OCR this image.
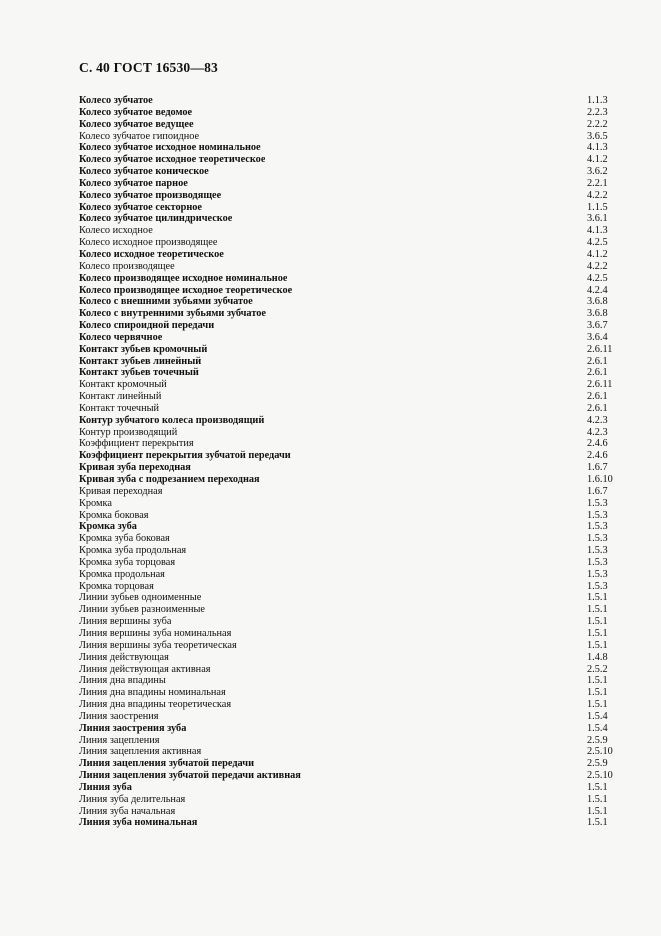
С. 40 ГОСТ 16530—83
Колесо зубчатое	1.1.3
Колесо зубчатое ведомое	2.2.3
Колесо зубчатое ведущее	2.2.2
Колесо зубчатое гипоидное	3.6.5
Колесо зубчатое исходное номинальное	4.1.3
Колесо зубчатое исходное теоретическое	4.1.2
Колесо зубчатое коническое	3.6.2
Колесо зубчатое парное	2.2.1
Колесо зубчатое производящее	4.2.2
Колесо зубчатое секторное	1.1.5
Колесо зубчатое цилиндрическое	3.6.1
Колесо исходное	4.1.3
Колесо исходное производящее	4.2.5
Колесо исходное теоретическое	4.1.2
Колесо производящее	4.2.2
Колесо производящее исходное номинальное	4.2.5
Колесо производящее исходное теоретическое	4.2.4
Колесо с внешними зубьями зубчатое	3.6.8
Колесо с внутренними зубьями зубчатое	3.6.8
Колесо спироидной передачи	3.6.7
Колесо червячное	3.6.4
Контакт зубьев кромочный	2.6.11
Контакт зубьев линейный	2.6.1
Контакт зубьев точечный	2.6.1
Контакт кромочный	2.6.11
Контакт линейный	2.6.1
Контакт точечный	2.6.1
Контур зубчатого колеса производящий	4.2.3
Контур производящий	4.2.3
Коэффициент перекрытия	2.4.6
Коэффициент перекрытия зубчатой передачи	2.4.6
Кривая зуба переходная	1.6.7
Кривая зуба с подрезанием переходная	1.6.10
Кривая переходная	1.6.7
Кромка	1.5.3
Кромка боковая	1.5.3
Кромка зуба	1.5.3
Кромка зуба боковая	1.5.3
Кромка зуба продольная	1.5.3
Кромка зуба торцовая	1.5.3
Кромка продольная	1.5.3
Кромка торцовая	1.5.3
Линии зубьев одноименные	1.5.1
Линии зубьев разноименные	1.5.1
Линия вершины зуба	1.5.1
Линия вершины зуба номинальная	1.5.1
Линия вершины зуба теоретическая	1.5.1
Линия действующая	1.4.8
Линия действующая активная	2.5.2
Линия дна впадины	1.5.1
Линия дна впадины номинальная	1.5.1
Линия дна впадины теоретическая	1.5.1
Линия заострения	1.5.4
Линия заострения зуба	1.5.4
Линия зацепления	2.5.9
Линия зацепления активная	2.5.10
Линия зацепления зубчатой передачи	2.5.9
Линия зацепления зубчатой передачи активная	2.5.10
Линия зуба	1.5.1
Линия зуба делительная	1.5.1
Линия зуба начальная	1.5.1
Линия зуба номинальная	1.5.1
